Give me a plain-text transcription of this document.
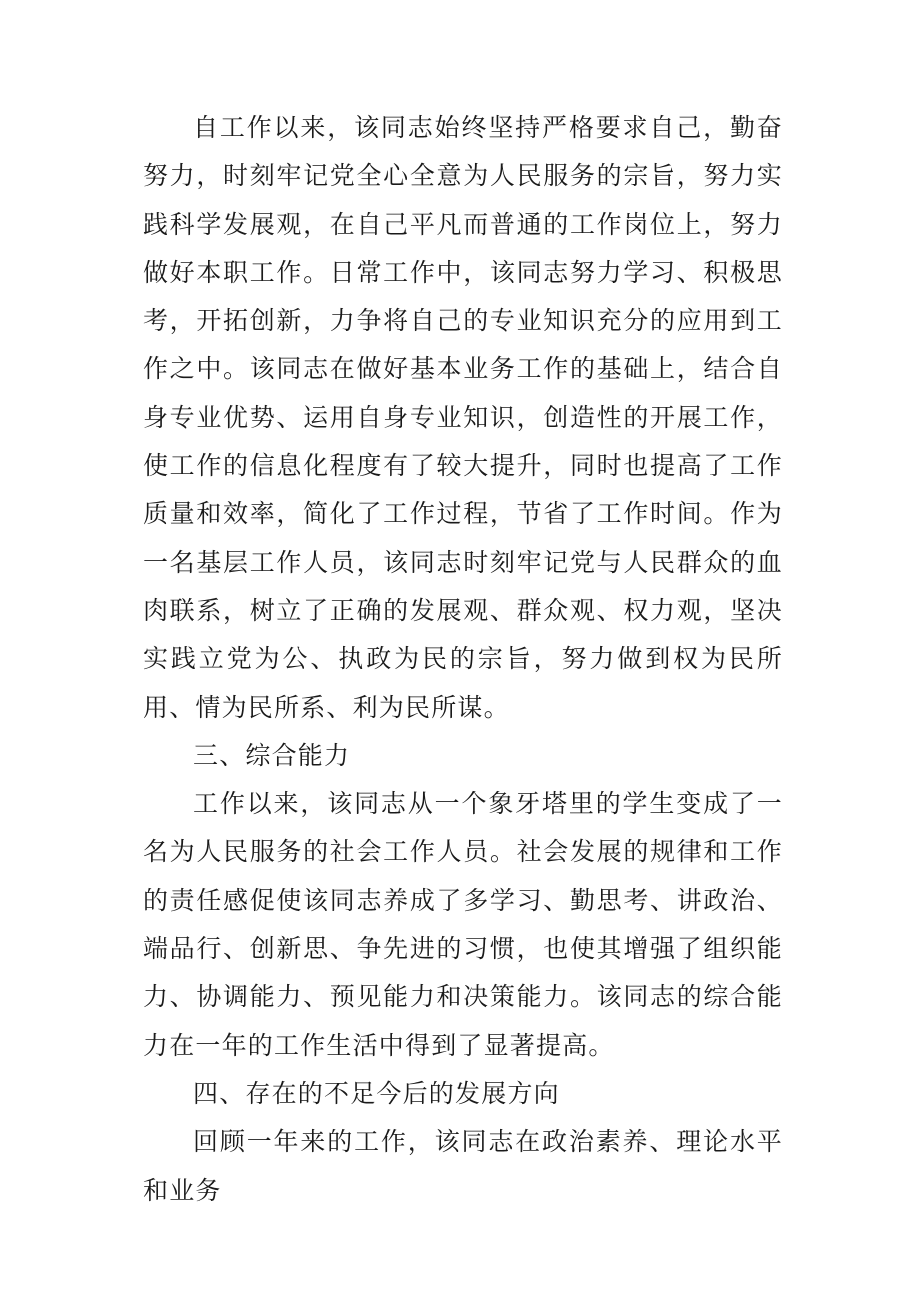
自工作以来，该同志始终坚持严格要求自己，勤奋努力，时刻牢记党全心全意为人民服务的宗旨，努力实践科学发展观，在自己平凡而普通的工作岗位上，努力做好本职工作。日常工作中，该同志努力学习、积极思考，开拓创新，力争将自己的专业知识充分的应用到工作之中。该同志在做好基本业务工作的基础上，结合自身专业优势、运用自身专业知识，创造性的开展工作，使工作的信息化程度有了较大提升，同时也提高了工作质量和效率，简化了工作过程，节省了工作时间。作为一名基层工作人员，该同志时刻牢记党与人民群众的血肉联系，树立了正确的发展观、群众观、权力观，坚决实践立党为公、执政为民的宗旨，努力做到权为民所用、情为民所系、利为民所谋。

三、综合能力

工作以来，该同志从一个象牙塔里的学生变成了一名为人民服务的社会工作人员。社会发展的规律和工作的责任感促使该同志养成了多学习、勤思考、讲政治、端品行、创新思、争先进的习惯，也使其增强了组织能力、协调能力、预见能力和决策能力。该同志的综合能力在一年的工作生活中得到了显著提高。

四、存在的不足今后的发展方向

回顾一年来的工作，该同志在政治素养、理论水平和业务
